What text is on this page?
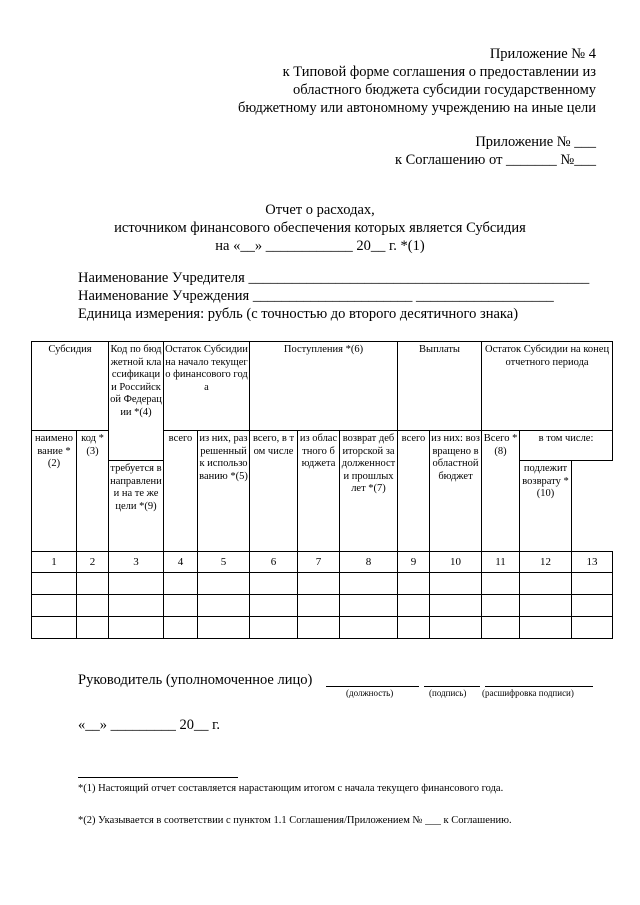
Приложение № 4
к Типовой форме соглашения о предоставлении из
областного бюджета субсидии государственному
бюджетному или автономному учреждению на иные цели
Приложение № ___
к Соглашению от _______ №___
Отчет о расходах,
источником финансового обеспечения которых является Субсидия
на «__» ____________ 20__ г. *(1)
Наименование Учредителя _______________________________________________
Наименование Учреждения ______________________ ___________________
Единица измерения: рубль (с точностью до второго десятичного знака)
Субсидия		Код по бюджетной классификации Российской Федерации *(4)	Остаток Субсидии на начало текущего финансового года		Поступления *(6)			Выплаты		Остаток Субсидии на конец отчетного периода		
наименование *(2)	код *(3)		всего	из них, разрешенный к использованию *(5)	всего, в том числе	из областного бюджета	возврат дебиторской задолженности прошлых лет *(7)	всего	из них: возвращено в областной бюджет	Всего *(8)	в том числе:	
		требуется в направлении на те же цели *(9)									подлежит возврату *(10)	
1	2	3	4	5	6	7	8	9	10	11	12	13

Руководитель (уполномоченное лицо)
(должность)	(подпись) (расшифровка подписи)
«__» _________ 20__ г.
*(1) Настоящий отчет составляется нарастающим итогом с начала текущего финансового года.
*(2) Указывается в соответствии с пунктом 1.1 Соглашения/Приложением № ___ к Соглашению.
